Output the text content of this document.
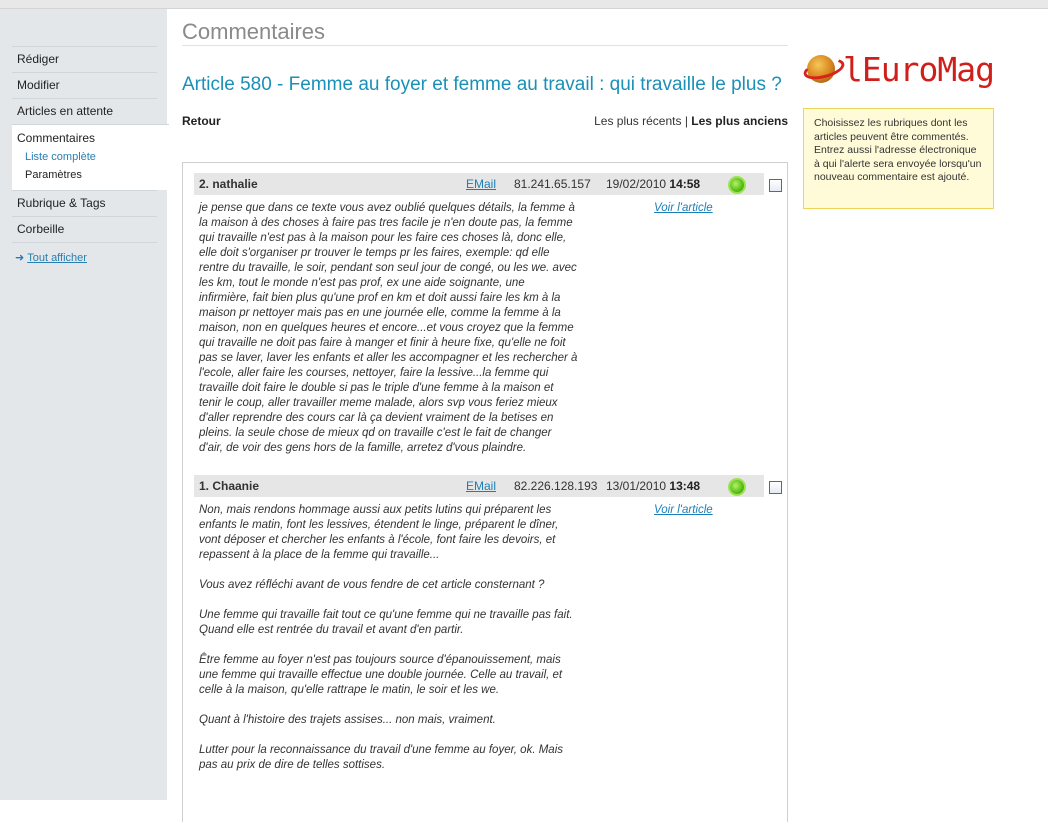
Rédiger
Modifier
Articles en attente
Commentaires
Liste complète
Paramètres
Rubrique & Tags
Corbeille
➜ Tout afficher
Commentaires
Article 580 - Femme au foyer et femme au travail : qui travaille le plus ?
Retour	Les plus récents | Les plus anciens
2. nathalie	EMail 81.241.65.157 19/02/2010 14:58
je pense que dans ce texte vous avez oublié quelques détails, la femme à
la maison à des choses à faire pas tres facile je n'en doute pas, la femme
qui travaille n'est pas à la maison pour les faire ces choses là, donc elle,
elle doit s'organiser pr trouver le temps pr les faires, exemple: qd elle
rentre du travaille, le soir, pendant son seul jour de congé, ou les we. avec
les km, tout le monde n'est pas prof, ex une aide soignante, une
infirmière, fait bien plus qu'une prof en km et doit aussi faire les km à la
maison pr nettoyer mais pas en une journée elle, comme la femme à la
maison, non en quelques heures et encore...et vous croyez que la femme
qui travaille ne doit pas faire à manger et finir à heure fixe, qu'elle ne foit
pas se laver, laver les enfants et aller les accompagner et les rechercher à
l'ecole, aller faire les courses, nettoyer, faire la lessive...la femme qui
travaille doit faire le double si pas le triple d'une femme à la maison et
tenir le coup, aller travailler meme malade, alors svp vous feriez mieux
d'aller reprendre des cours car là ça devient vraiment de la betises en
pleins. la seule chose de mieux qd on travaille c'est le fait de changer
d'air, de voir des gens hors de la famille, arretez d'vous plaindre.
Voir l'article
1. Chaanie	EMail 82.226.128.193 13/01/2010 13:48
Non, mais rendons hommage aussi aux petits lutins qui préparent les
enfants le matin, font les lessives, étendent le linge, préparent le dîner,
vont déposer et chercher les enfants à l'école, font faire les devoirs, et
repassent à la place de la femme qui travaille...

Vous avez réfléchi avant de vous fendre de cet article consternant ?

Une femme qui travaille fait tout ce qu'une femme qui ne travaille pas fait.
Quand elle est rentrée du travail et avant d'en partir.

Être femme au foyer n'est pas toujours source d'épanouissement, mais
une femme qui travaille effectue une double journée. Celle au travail, et
celle à la maison, qu'elle rattrape le matin, le soir et les we.

Quant à l'histoire des trajets assises... non mais, vraiment.

Lutter pour la reconnaissance du travail d'une femme au foyer, ok. Mais
pas au prix de dire de telles sottises.
Voir l'article
lEuroMag
Choisissez les rubriques dont les articles peuvent être commentés. Entrez aussi l'adresse électronique à qui l'alerte sera envoyée lorsqu'un nouveau commentaire est ajouté.
